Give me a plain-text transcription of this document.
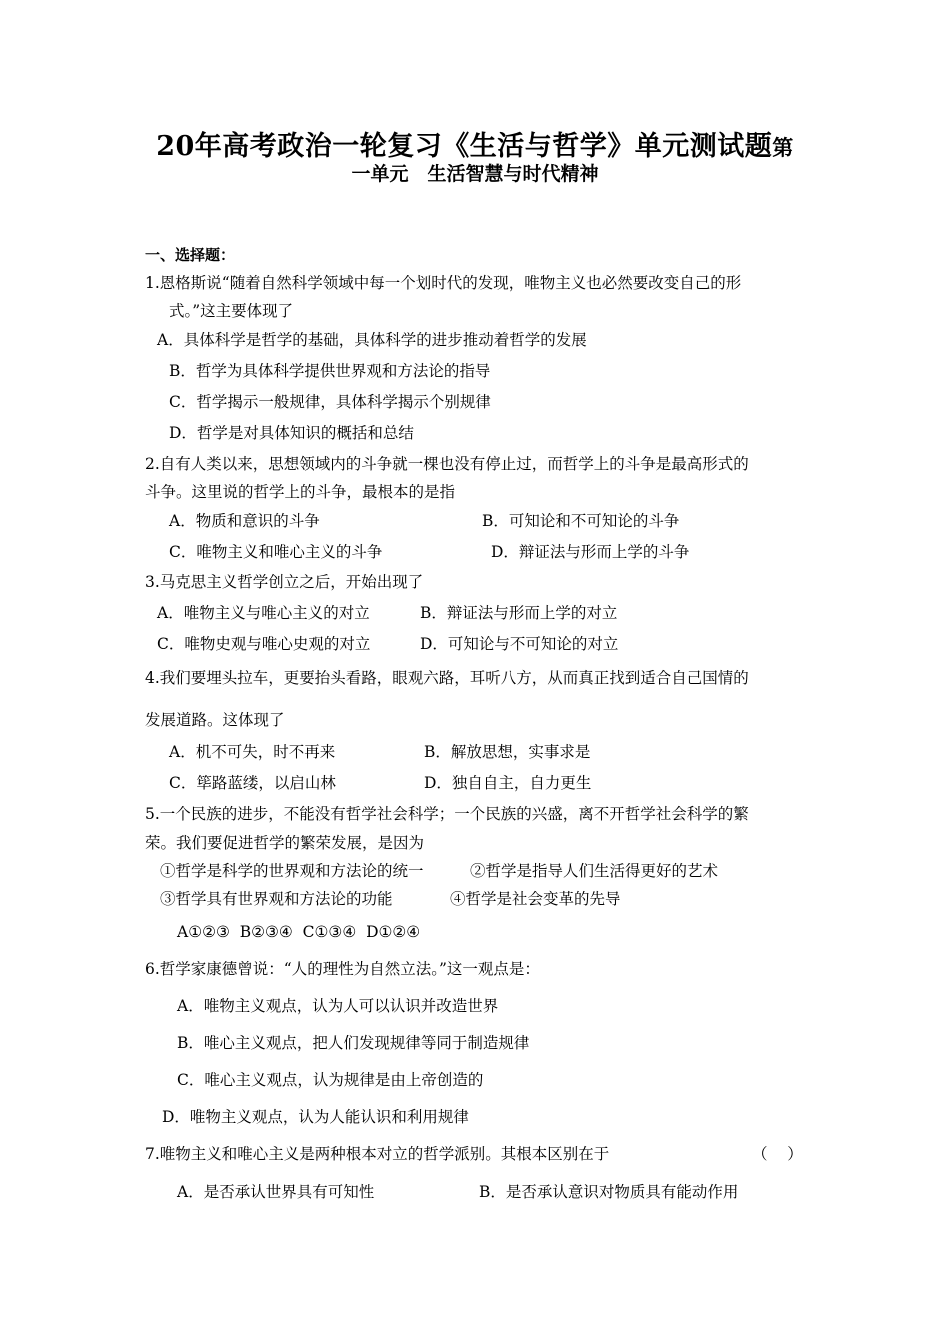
20年高考政治一轮复习《生活与哲学》单元测试题第
一单元　生活智慧与时代精神
一、选择题：
1.恩格斯说“随着自然科学领域中每一个划时代的发现，唯物主义也必然要改变自己的形
式。”这主要体现了
A．具体科学是哲学的基础，具体科学的进步推动着哲学的发展
B．哲学为具体科学提供世界观和方法论的指导
C．哲学揭示一般规律，具体科学揭示个别规律
D．哲学是对具体知识的概括和总结
2.自有人类以来，思想领域内的斗争就一棵也没有停止过，而哲学上的斗争是最高形式的
斗争。这里说的哲学上的斗争，最根本的是指
A．物质和意识的斗争	B．可知论和不可知论的斗争
C．唯物主义和唯心主义的斗争	D．辩证法与形而上学的斗争
3.马克思主义哲学创立之后，开始出现了
A．唯物主义与唯心主义的对立	B．辩证法与形而上学的对立
C．唯物史观与唯心史观的对立	D．可知论与不可知论的对立
4.我们要埋头拉车，更要抬头看路，眼观六路，耳听八方，从而真正找到适合自己国情的
发展道路。这体现了
A．机不可失，时不再来	B．解放思想，实事求是
C．筚路蓝缕，以启山林	D．独自自主，自力更生
5.一个民族的进步，不能没有哲学社会科学；一个民族的兴盛，离不开哲学社会科学的繁
荣。我们要促进哲学的繁荣发展，是因为
①哲学是科学的世界观和方法论的统一	②哲学是指导人们生活得更好的艺术
③哲学具有世界观和方法论的功能	④哲学是社会变革的先导
A①②③  B②③④  C①③④  D①②④
6.哲学家康德曾说：“人的理性为自然立法。”这一观点是：
A．唯物主义观点，认为人可以认识并改造世界
B．唯心主义观点，把人们发现规律等同于制造规律
C．唯心主义观点，认为规律是由上帝创造的
D．唯物主义观点，认为人能认识和利用规律
7.唯物主义和唯心主义是两种根本对立的哲学派别。其根本区别在于	（    ）
A．是否承认世界具有可知性	B．是否承认意识对物质具有能动作用
